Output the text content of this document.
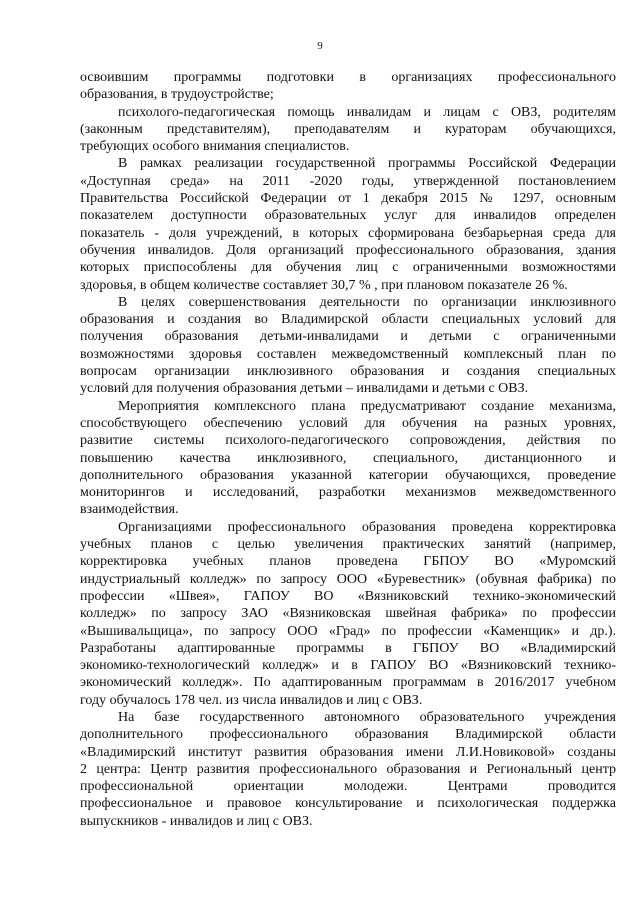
9
освоившим программы подготовки в организациях профессионального
образования, в трудоустройстве;
психолого-педагогическая помощь инвалидам и лицам с ОВЗ, родителям
(законным представителям), преподавателям и кураторам обучающихся,
требующих особого внимания специалистов.
В рамках реализации государственной программы Российской Федерации
«Доступная среда» на 2011 -2020 годы, утвержденной постановлением
Правительства Российской Федерации от 1 декабря 2015 № 1297, основным
показателем доступности образовательных услуг для инвалидов определен
показатель - доля учреждений, в которых сформирована безбарьерная среда для
обучения инвалидов. Доля организаций профессионального образования, здания
которых приспособлены для обучения лиц с ограниченными возможностями
здоровья, в общем количестве составляет 30,7 % , при плановом показателе 26 %.
В целях совершенствования деятельности по организации инклюзивного
образования и создания во Владимирской области специальных условий для
получения образования детьми-инвалидами и детьми с ограниченными
возможностями здоровья составлен межведомственный комплексный план по
вопросам организации инклюзивного образования и создания специальных
условий для получения образования детьми – инвалидами и детьми с ОВЗ.
Мероприятия комплексного плана предусматривают создание механизма,
способствующего обеспечению условий для обучения на разных уровнях,
развитие системы психолого-педагогического сопровождения, действия по
повышению качества инклюзивного, специального, дистанционного и
дополнительного образования указанной категории обучающихся, проведение
мониторингов и исследований, разработки механизмов межведомственного
взаимодействия.
Организациями профессионального образования проведена корректировка
учебных планов с целью увеличения практических занятий (например,
корректировка учебных планов проведена ГБПОУ ВО «Муромский
индустриальный колледж» по запросу ООО «Буревестник» (обувная фабрика) по
профессии «Швея», ГАПОУ ВО «Вязниковский технико-экономический
колледж» по запросу ЗАО «Вязниковская швейная фабрика» по профессии
«Вышивальщица», по запросу ООО «Град» по профессии «Каменщик» и др.).
Разработаны адаптированные программы в ГБПОУ ВО «Владимирский
экономико-технологический колледж» и в ГАПОУ ВО «Вязниковский технико-
экономический колледж». По адаптированным программам в 2016/2017 учебном
году обучалось 178 чел. из числа инвалидов и лиц с ОВЗ.
На базе государственного автономного образовательного учреждения
дополнительного профессионального образования Владимирской области
«Владимирский институт развития образования имени Л.И.Новиковой» созданы
2 центра: Центр развития профессионального образования и Региональный центр
профессиональной ориентации молодежи. Центрами проводится
профессиональное и правовое консультирование и психологическая поддержка
выпускников - инвалидов и лиц с ОВЗ.
